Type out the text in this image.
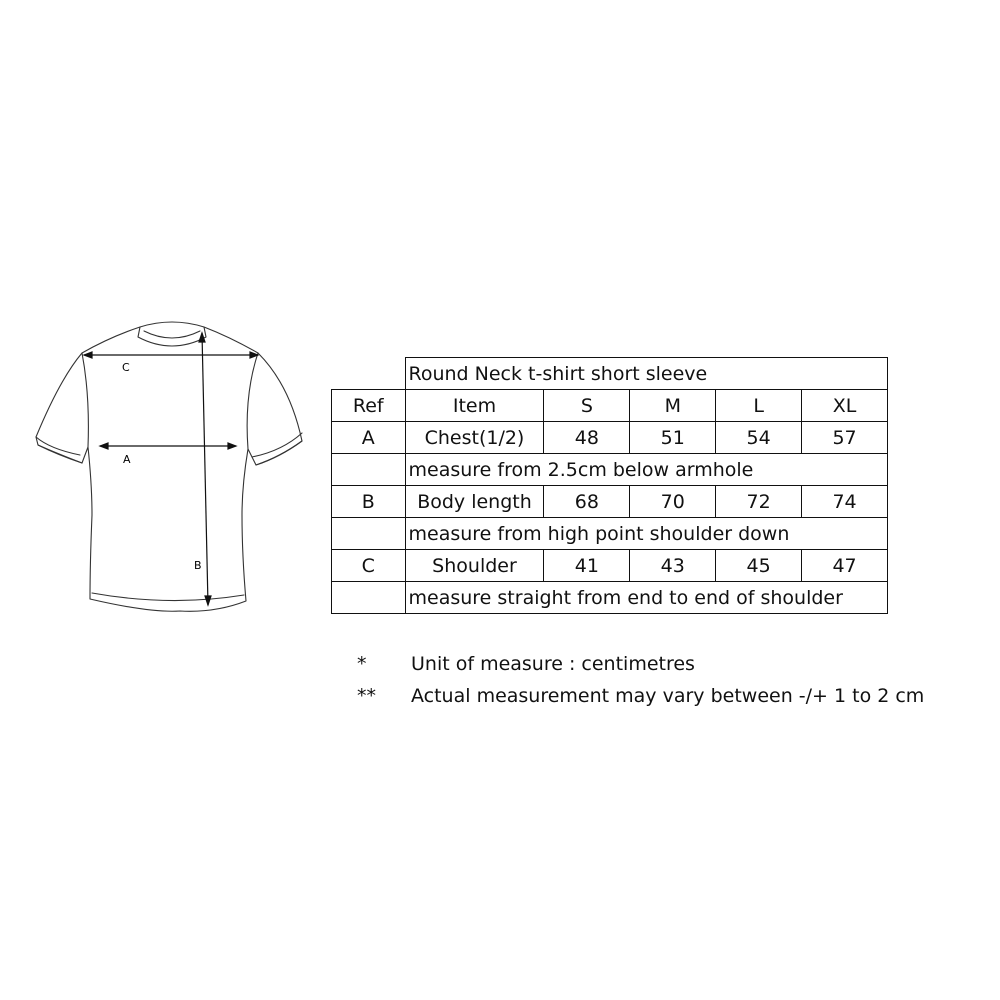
C
A
B
	Round Neck t-shirt short sleeve				
Ref	Item	S	M	L	XL
A	Chest(1/2)	48	51	54	57
	measure from 2.5cm below armhole				
B	Body length	68	70	72	74
	measure from high point shoulder down				
C	Shoulder	41	43	45	47
	measure straight from end to end of shoulder				
*	Unit of measure : centimetres
**	Actual measurement may vary between -/+ 1 to 2 cm
